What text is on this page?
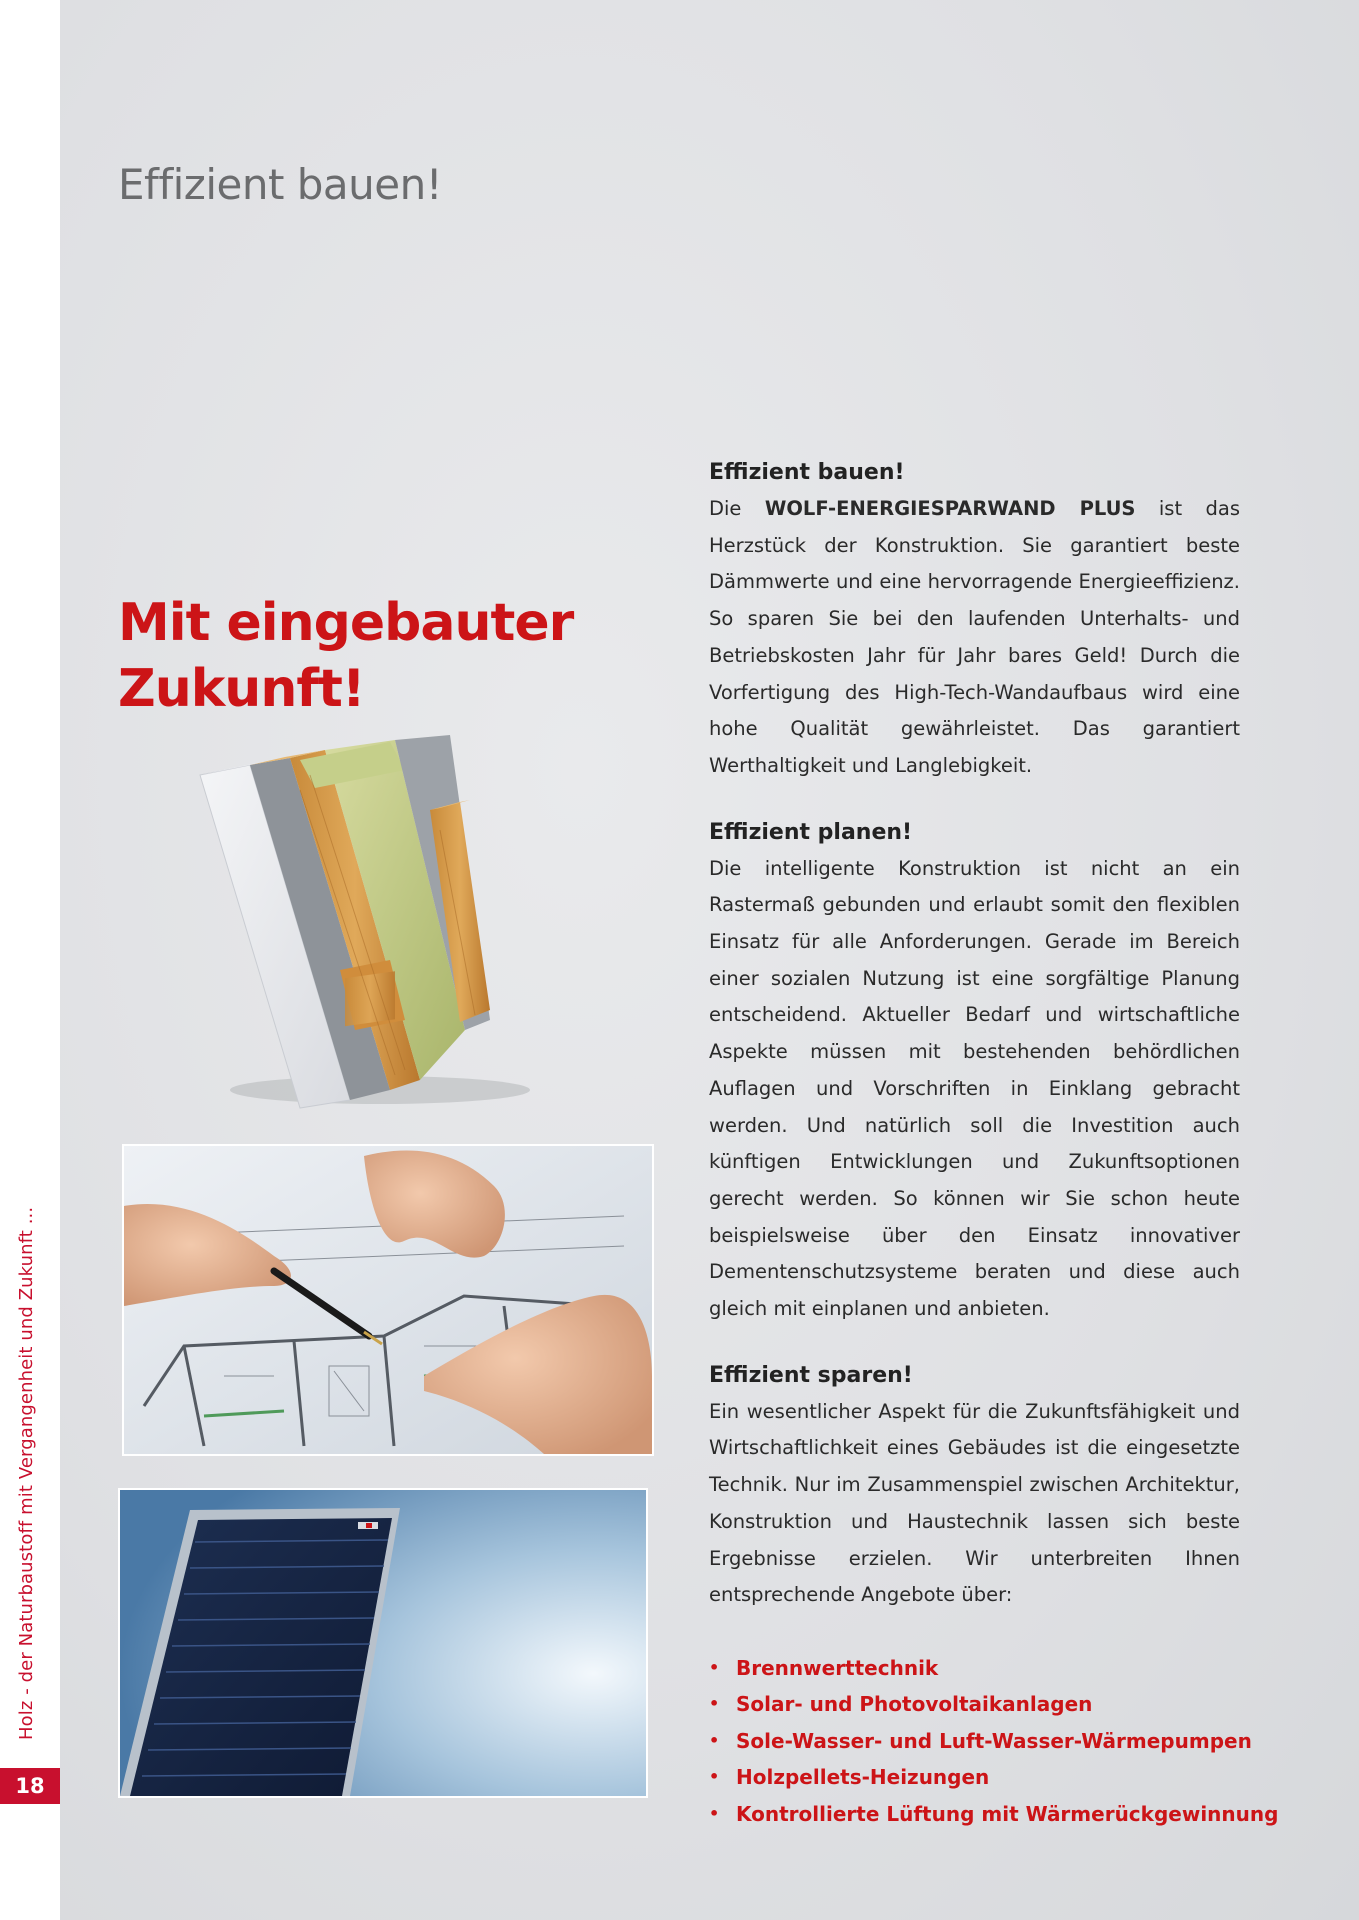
Holz - der Naturbaustoff mit Vergangenheit und Zukunft ...
18
Effizient bauen!
Mit eingebauter
Zukunft!
Effizient bauen!

Die WOLF-ENERGIESPARWAND PLUS ist das Herzstück der Konstruktion. Sie garantiert beste Dämmwerte und eine hervorragende Energieeffizienz. So sparen Sie bei den laufenden Unterhalts- und Betriebskosten Jahr für Jahr bares Geld! Durch die Vorfertigung des High-Tech-Wandaufbaus wird eine hohe Qualität gewährleistet. Das garantiert Werthaltigkeit und Langlebigkeit.

Effizient planen!

Die intelligente Konstruktion ist nicht an ein Rastermaß gebunden und erlaubt somit den flexiblen Einsatz für alle Anforderungen. Gerade im Bereich einer sozialen Nutzung ist eine sorgfältige Planung entscheidend. Aktueller Bedarf und wirtschaftliche Aspekte müssen mit bestehenden behördlichen Auflagen und Vorschriften in Einklang gebracht werden. Und natürlich soll die Investition auch künftigen Entwicklungen und Zukunftsoptionen gerecht werden. So können wir Sie schon heute beispielsweise über den Einsatz innovativer Dementenschutzsysteme beraten und diese auch gleich mit einplanen und anbieten.

Effizient sparen!

Ein wesentlicher Aspekt für die Zukunftsfähigkeit und Wirtschaftlichkeit eines Gebäudes ist die eingesetzte Technik. Nur im Zusammenspiel zwischen Architektur, Konstruktion und Haustechnik lassen sich beste Ergebnisse erzielen. Wir unterbreiten Ihnen entsprechende Angebote über:

• Brennwerttechnik
• Solar- und Photovoltaikanlagen
• Sole-Wasser- und Luft-Wasser-Wärmepumpen
• Holzpellets-Heizungen
• Kontrollierte Lüftung mit Wärmerückgewinnung
